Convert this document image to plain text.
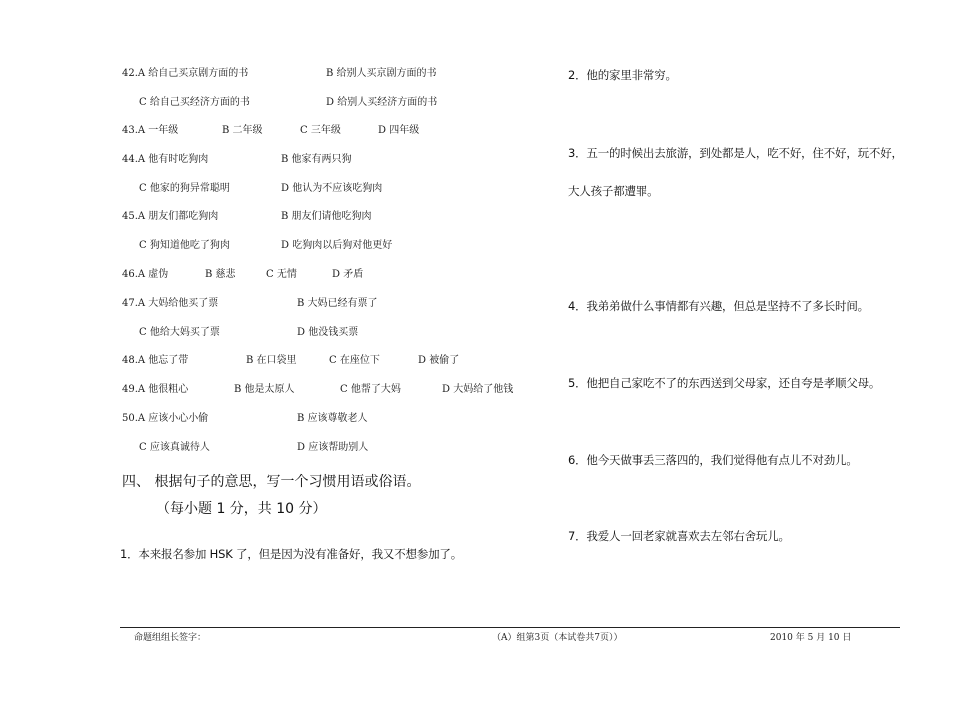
42.A 给自己买京剧方面的书	B 给别人买京剧方面的书
C 给自己买经济方面的书	D 给别人买经济方面的书
43.A 一年级	B 二年级	C 三年级	D 四年级
44.A 他有时吃狗肉	B 他家有两只狗
C 他家的狗异常聪明	D 他认为不应该吃狗肉
45.A 朋友们都吃狗肉	B 朋友们请他吃狗肉
C 狗知道他吃了狗肉	D 吃狗肉以后狗对他更好
46.A 虚伪	B 慈悲	C 无情	D 矛盾
47.A 大妈给他买了票	B 大妈已经有票了
C 他给大妈买了票	D 他没钱买票
48.A 他忘了带	B 在口袋里	C 在座位下	D 被偷了
49.A 他很粗心	B 他是太原人	C 他帮了大妈	D 大妈给了他钱
50.A 应该小心小偷	B 应该尊敬老人
C 应该真诚待人	D 应该帮助别人
四、 根据句子的意思，写一个习惯用语或俗语。
（每小题 1 分，共 10 分）
1．本来报名参加 HSK 了，但是因为没有准备好，我又不想参加了。
2．他的家里非常穷。
3．五一的时候出去旅游，到处都是人，吃不好，住不好，玩不好，
大人孩子都遭罪。
4．我弟弟做什么事情都有兴趣，但总是坚持不了多长时间。
5．他把自己家吃不了的东西送到父母家，还自夸是孝顺父母。
6．他今天做事丢三落四的，我们觉得他有点儿不对劲儿。
7．我爱人一回老家就喜欢去左邻右舍玩儿。
命题组组长签字：	（A）组第3页（本试卷共7页））	2010 年 5 月 10 日
